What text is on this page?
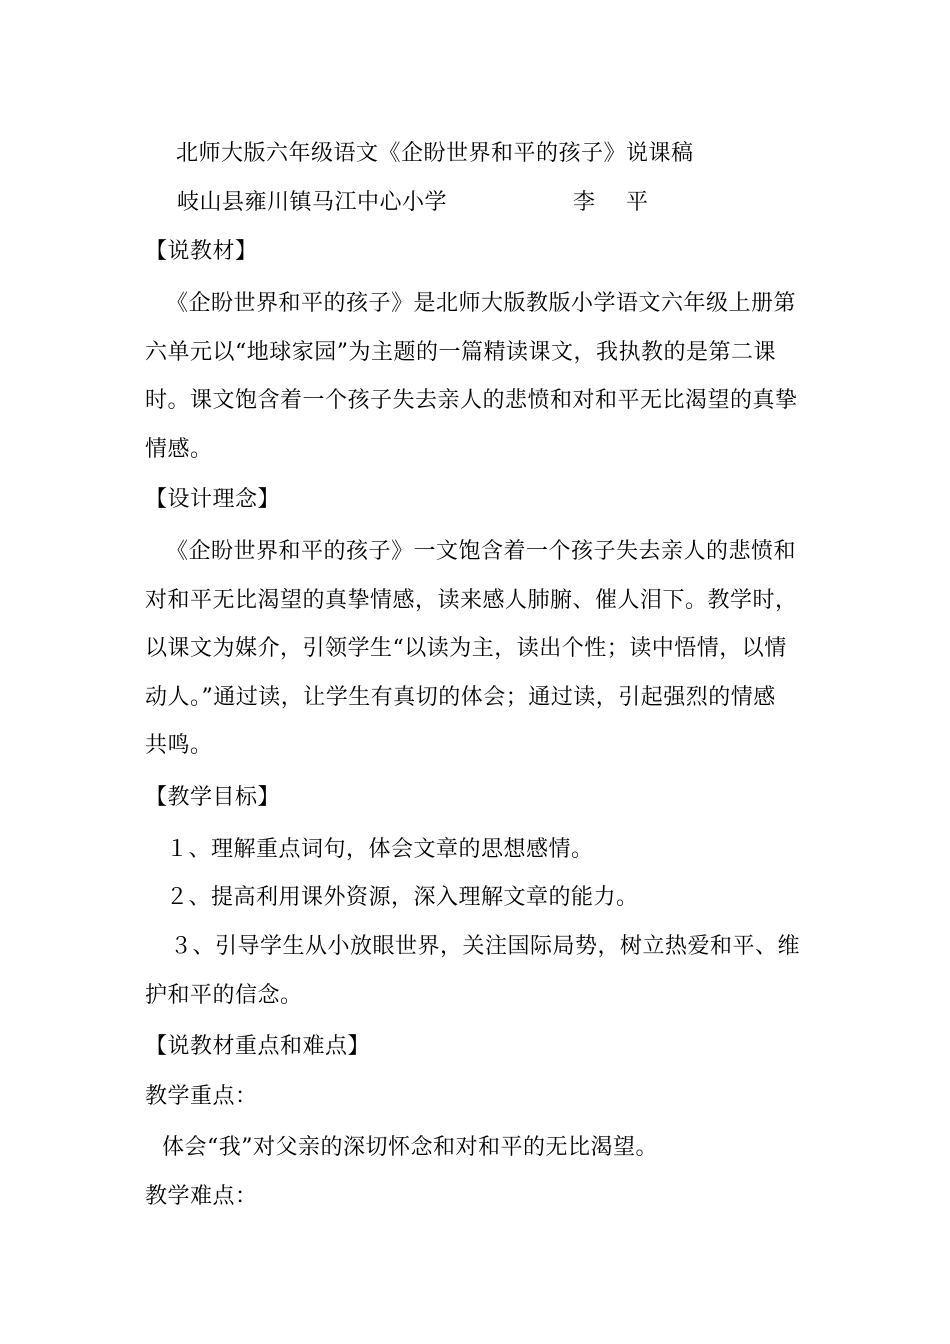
北师大版六年级语文《企盼世界和平的孩子》说课稿
岐山县雍川镇马江中心小学	李 平
【说教材】
《企盼世界和平的孩子》是北师大版教版小学语文六年级上册第
六单元以“地球家园”为主题的一篇精读课文，我执教的是第二课
时。课文饱含着一个孩子失去亲人的悲愤和对和平无比渴望的真挚
情感。
【设计理念】
《企盼世界和平的孩子》一文饱含着一个孩子失去亲人的悲愤和
对和平无比渴望的真挚情感，读来感人肺腑、催人泪下。教学时，
以课文为媒介，引领学生“以读为主，读出个性；读中悟情，以情
动人。”通过读，让学生有真切的体会；通过读，引起强烈的情感
共鸣。
【教学目标】
１、理解重点词句，体会文章的思想感情。
２、提高利用课外资源，深入理解文章的能力。
３、引导学生从小放眼世界，关注国际局势，树立热爱和平、维
护和平的信念。
【说教材重点和难点】
教学重点：
体会“我”对父亲的深切怀念和对和平的无比渴望。
教学难点：
